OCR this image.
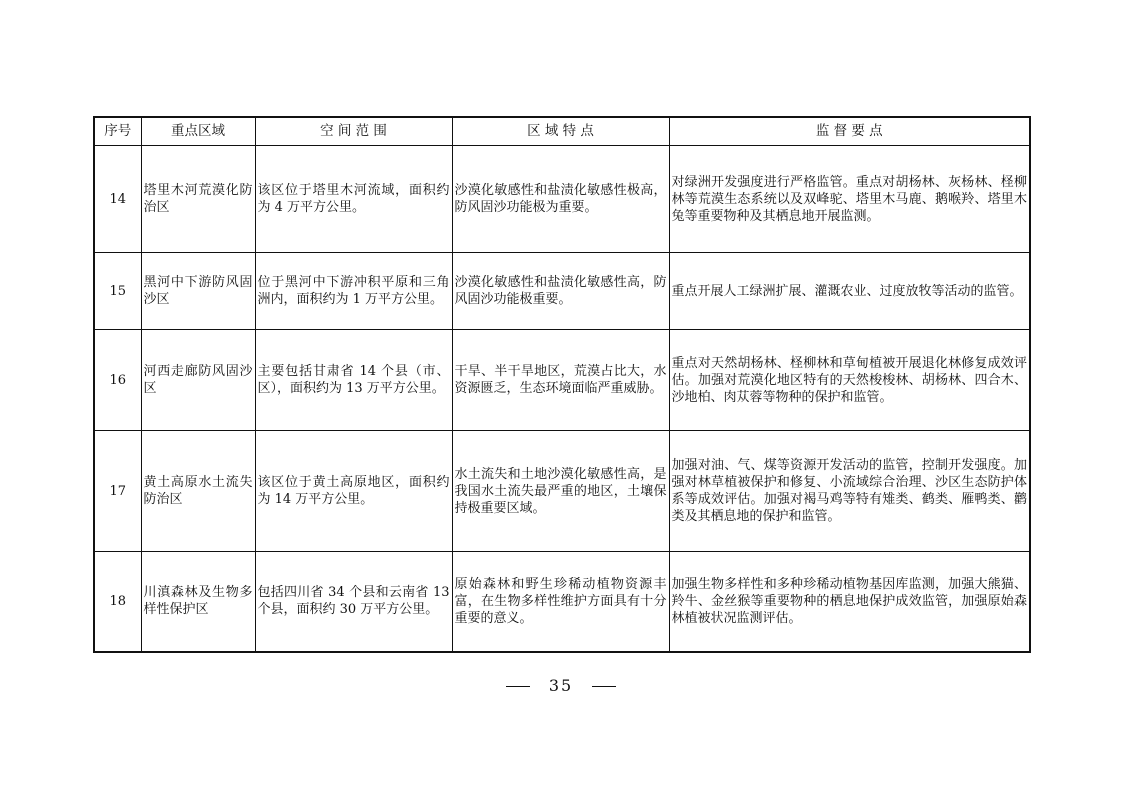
序号	重点区域	空 间 范 围	区 域 特 点	监 督 要 点
14	塔里木河荒漠化防治区	该区位于塔里木河流域，面积约为 4 万平方公里。	沙漠化敏感性和盐渍化敏感性极高，防风固沙功能极为重要。	对绿洲开发强度进行严格监管。重点对胡杨林、灰杨林、柽柳林等荒漠生态系统以及双峰驼、塔里木马鹿、鹅喉羚、塔里木兔等重要物种及其栖息地开展监测。
15	黑河中下游防风固沙区	位于黑河中下游冲积平原和三角洲内，面积约为 1 万平方公里。	沙漠化敏感性和盐渍化敏感性高，防风固沙功能极重要。	重点开展人工绿洲扩展、灌溉农业、过度放牧等活动的监管。
16	河西走廊防风固沙区	主要包括甘肃省 14 个县（市、区），面积约为 13 万平方公里。	干旱、半干旱地区，荒漠占比大，水资源匮乏，生态环境面临严重威胁。	重点对天然胡杨林、柽柳林和草甸植被开展退化林修复成效评估。加强对荒漠化地区特有的天然梭梭林、胡杨林、四合木、沙地柏、肉苁蓉等物种的保护和监管。
17	黄土高原水土流失防治区	该区位于黄土高原地区，面积约为 14 万平方公里。	水土流失和土地沙漠化敏感性高，是我国水土流失最严重的地区，土壤保持极重要区域。	加强对油、气、煤等资源开发活动的监管，控制开发强度。加强对林草植被保护和修复、小流域综合治理、沙区生态防护体系等成效评估。加强对褐马鸡等特有雉类、鹤类、雁鸭类、鹳类及其栖息地的保护和监管。
18	川滇森林及生物多样性保护区	包括四川省 34 个县和云南省 13 个县，面积约 30 万平方公里。	原始森林和野生珍稀动植物资源丰富，在生物多样性维护方面具有十分重要的意义。	加强生物多样性和多种珍稀动植物基因库监测，加强大熊猫、羚牛、金丝猴等重要物种的栖息地保护成效监管，加强原始森林植被状况监测评估。
35
